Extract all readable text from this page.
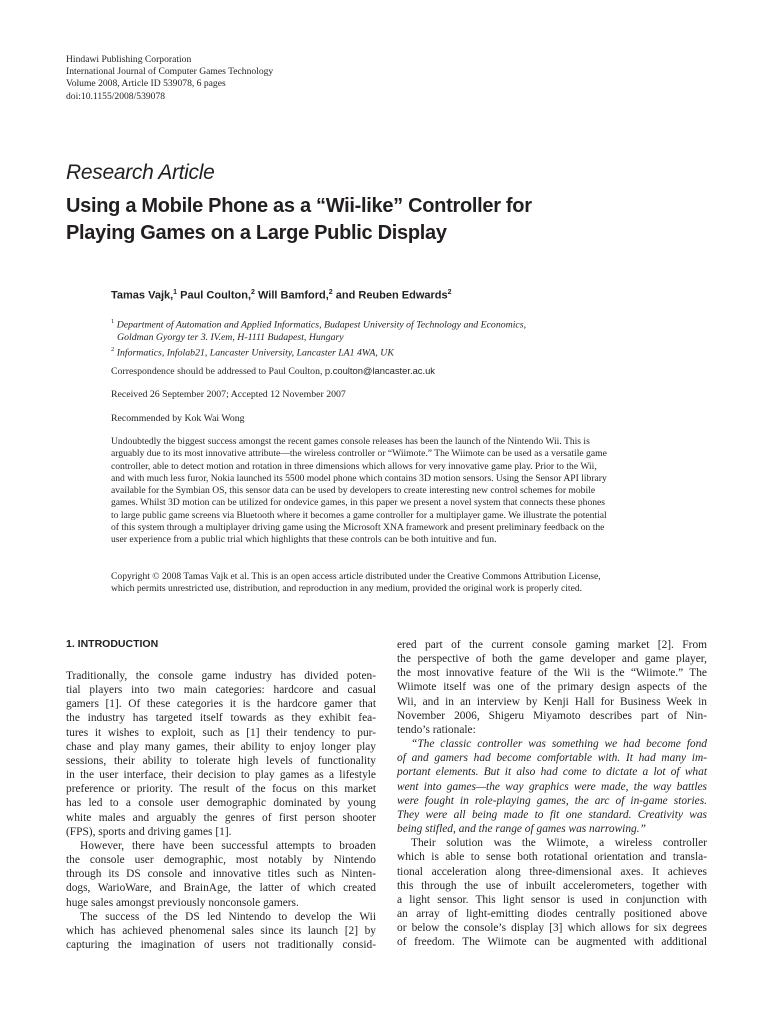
Hindawi Publishing Corporation
International Journal of Computer Games Technology
Volume 2008, Article ID 539078, 6 pages
doi:10.1155/2008/539078
Research Article
Using a Mobile Phone as a “Wii-like” Controller for
Playing Games on a Large Public Display
Tamas Vajk,$^1$ Paul Coulton,$^2$ Will Bamford,$^2$ and Reuben Edwards$^2$
$^1$ Department of Automation and Applied Informatics, Budapest University of Technology and Economics,
Goldman Gyorgy ter 3. IV.em, H-1111 Budapest, Hungary
$^2$ Informatics, Infolab21, Lancaster University, Lancaster LA1 4WA, UK
Correspondence should be addressed to Paul Coulton, p.coulton@lancaster.ac.uk
Received 26 September 2007; Accepted 12 November 2007
Recommended by Kok Wai Wong
Undoubtedly the biggest success amongst the recent games console releases has been the launch of the Nintendo Wii. This is
arguably due to its most innovative attribute—the wireless controller or “Wiimote.” The Wiimote can be used as a versatile game
controller, able to detect motion and rotation in three dimensions which allows for very innovative game play. Prior to the Wii,
and with much less furor, Nokia launched its 5500 model phone which contains 3D motion sensors. Using the Sensor API library
available for the Symbian OS, this sensor data can be used by developers to create interesting new control schemes for mobile
games. Whilst 3D motion can be utilized for ondevice games, in this paper we present a novel system that connects these phones
to large public game screens via Bluetooth where it becomes a game controller for a multiplayer game. We illustrate the potential
of this system through a multiplayer driving game using the Microsoft XNA framework and present preliminary feedback on the
user experience from a public trial which highlights that these controls can be both intuitive and fun.
Copyright © 2008 Tamas Vajk et al. This is an open access article distributed under the Creative Commons Attribution License,
which permits unrestricted use, distribution, and reproduction in any medium, provided the original work is properly cited.
1. INTRODUCTION
Traditionally, the console game industry has divided poten-
tial players into two main categories: hardcore and casual
gamers [1]. Of these categories it is the hardcore gamer that
the industry has targeted itself towards as they exhibit fea-
tures it wishes to exploit, such as [1] their tendency to pur-
chase and play many games, their ability to enjoy longer play
sessions, their ability to tolerate high levels of functionality
in the user interface, their decision to play games as a lifestyle
preference or priority. The result of the focus on this market
has led to a console user demographic dominated by young
white males and arguably the genres of first person shooter
(FPS), sports and driving games [1].
However, there have been successful attempts to broaden
the console user demographic, most notably by Nintendo
through its DS console and innovative titles such as Ninten-
dogs, WarioWare, and BrainAge, the latter of which created
huge sales amongst previously nonconsole gamers.
The success of the DS led Nintendo to develop the Wii
which has achieved phenomenal sales since its launch [2] by
capturing the imagination of users not traditionally consid-
ered part of the current console gaming market [2]. From
the perspective of both the game developer and game player,
the most innovative feature of the Wii is the “Wiimote.” The
Wiimote itself was one of the primary design aspects of the
Wii, and in an interview by Kenji Hall for Business Week in
November 2006, Shigeru Miyamoto describes part of Nin-
tendo’s rationale:
“The classic controller was something we had become fond
of and gamers had become comfortable with. It had many im-
portant elements. But it also had come to dictate a lot of what
went into games—the way graphics were made, the way battles
were fought in role-playing games, the arc of in-game stories.
They were all being made to fit one standard. Creativity was
being stifled, and the range of games was narrowing.”
Their solution was the Wiimote, a wireless controller
which is able to sense both rotational orientation and transla-
tional acceleration along three-dimensional axes. It achieves
this through the use of inbuilt accelerometers, together with
a light sensor. This light sensor is used in conjunction with
an array of light-emitting diodes centrally positioned above
or below the console’s display [3] which allows for six degrees
of freedom. The Wiimote can be augmented with additional
